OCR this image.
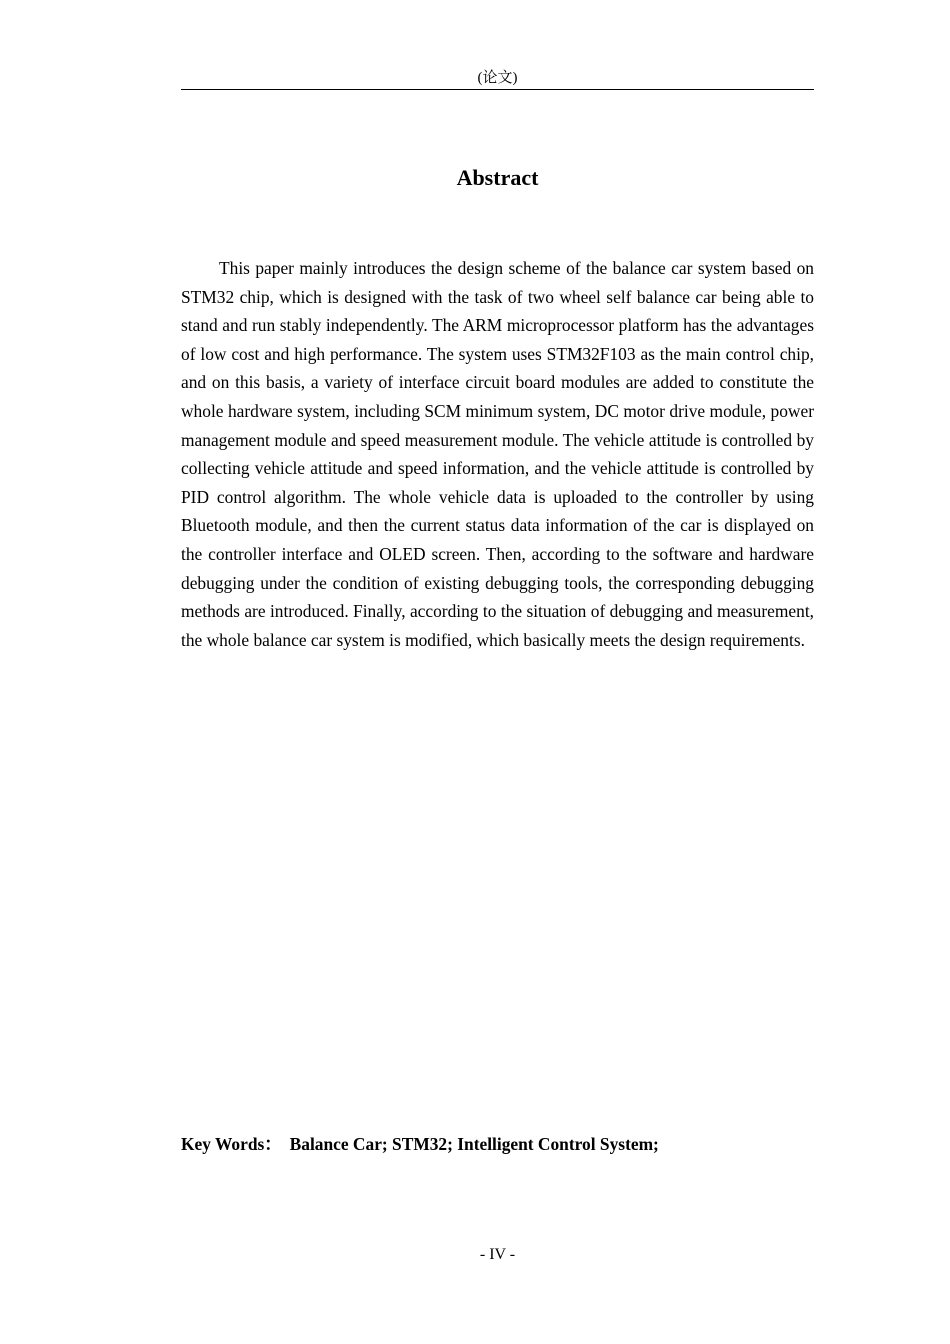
(论文)
Abstract

This paper mainly introduces the design scheme of the balance car system based on STM32 chip, which is designed with the task of two wheel self balance car being able to stand and run stably independently. The ARM microprocessor platform has the advantages of low cost and high performance. The system uses STM32F103 as the main control chip, and on this basis, a variety of interface circuit board modules are added to constitute the whole hardware system, including SCM minimum system, DC motor drive module, power management module and speed measurement module. The vehicle attitude is controlled by collecting vehicle attitude and speed information, and the vehicle attitude is controlled by PID control algorithm. The whole vehicle data is uploaded to the controller by using Bluetooth module, and then the current status data information of the car is displayed on the controller interface and OLED screen. Then, according to the software and hardware debugging under the condition of existing debugging tools, the corresponding debugging methods are introduced. Finally, according to the situation of debugging and measurement, the whole balance car system is modified, which basically meets the design requirements.

Key Words： Balance Car; STM32; Intelligent Control System;
- IV -
